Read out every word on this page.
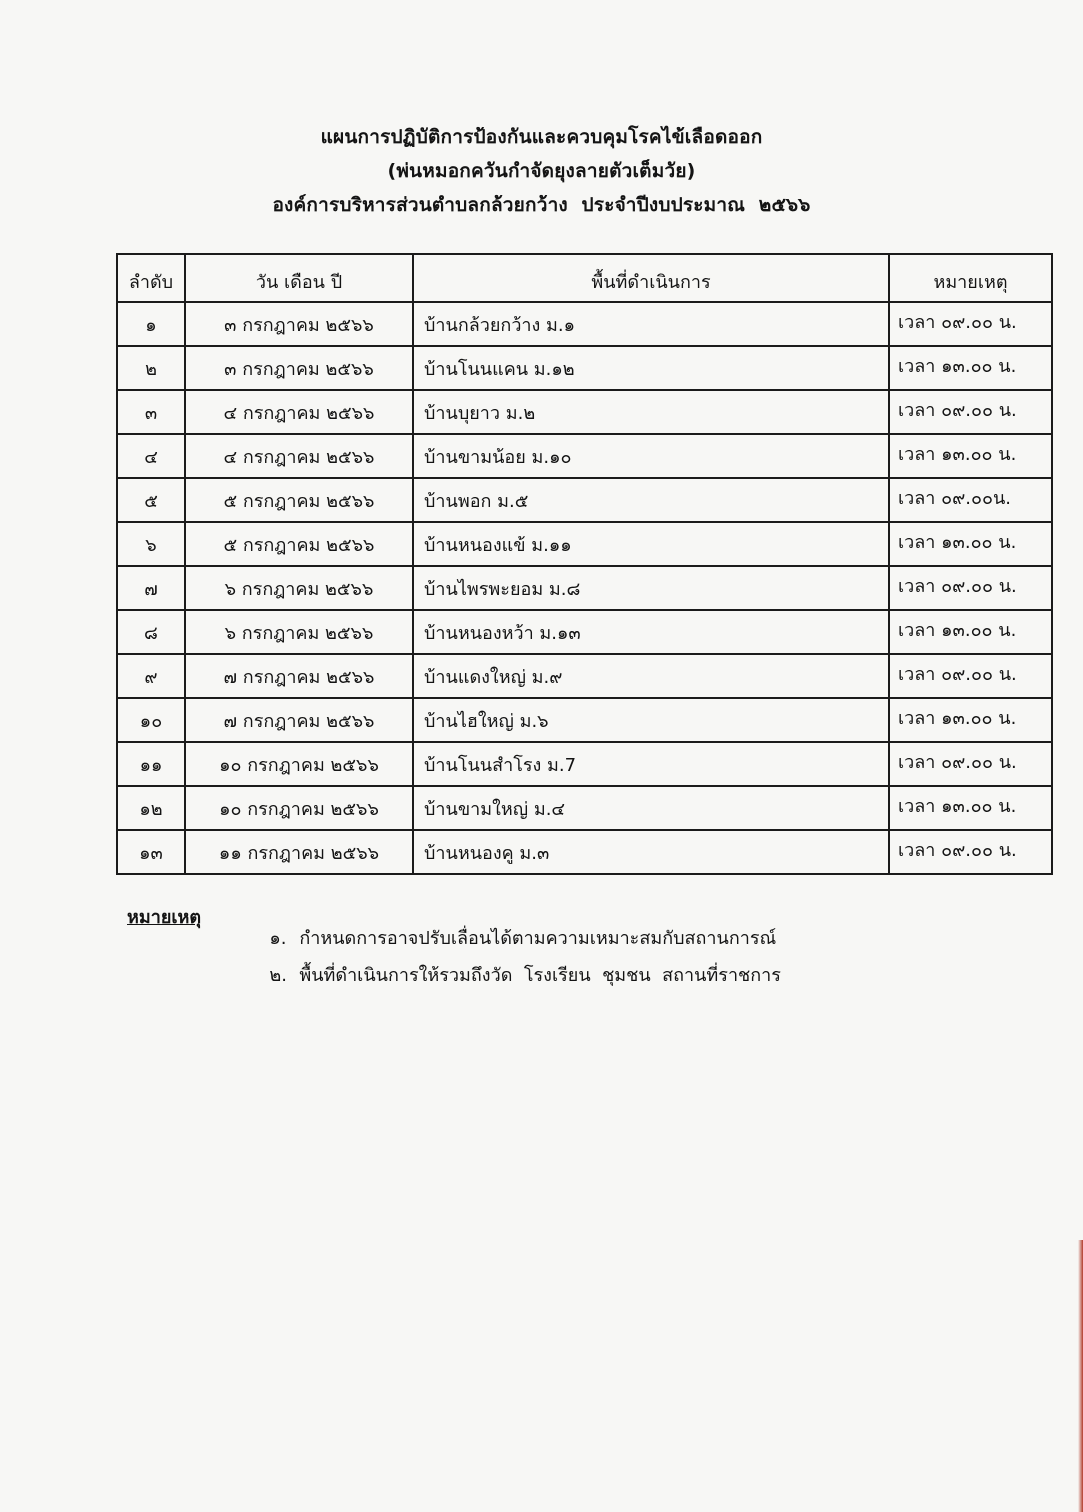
แผนการปฏิบัติการป้องกันและควบคุมโรคไข้เลือดออก
(พ่นหมอกควันกำจัดยุงลายตัวเต็มวัย)
องค์การบริหารส่วนตำบลกล้วยกว้าง  ประจำปีงบประมาณ  ๒๕๖๖
ลำดับ	วัน เดือน ปี	พื้นที่ดำเนินการ	หมายเหตุ
๑	๓ กรกฎาคม ๒๕๖๖	บ้านกล้วยกว้าง ม.๑	เวลา ๐๙.๐๐ น.
๒	๓ กรกฎาคม ๒๕๖๖	บ้านโนนแคน ม.๑๒	เวลา ๑๓.๐๐ น.
๓	๔ กรกฎาคม ๒๕๖๖	บ้านบุยาว ม.๒	เวลา ๐๙.๐๐ น.
๔	๔ กรกฎาคม ๒๕๖๖	บ้านขามน้อย ม.๑๐	เวลา ๑๓.๐๐ น.
๕	๕ กรกฎาคม ๒๕๖๖	บ้านพอก ม.๕	เวลา ๐๙.๐๐น.
๖	๕ กรกฎาคม ๒๕๖๖	บ้านหนองแข้ ม.๑๑	เวลา ๑๓.๐๐ น.
๗	๖ กรกฎาคม ๒๕๖๖	บ้านไพรพะยอม ม.๘	เวลา ๐๙.๐๐ น.
๘	๖ กรกฎาคม ๒๕๖๖	บ้านหนองหว้า ม.๑๓	เวลา ๑๓.๐๐ น.
๙	๗ กรกฎาคม ๒๕๖๖	บ้านแดงใหญ่ ม.๙	เวลา ๐๙.๐๐ น.
๑๐	๗ กรกฎาคม ๒๕๖๖	บ้านไฮใหญ่ ม.๖	เวลา ๑๓.๐๐ น.
๑๑	๑๐ กรกฎาคม ๒๕๖๖	บ้านโนนสำโรง ม.7	เวลา ๐๙.๐๐ น.
๑๒	๑๐ กรกฎาคม ๒๕๖๖	บ้านขามใหญ่ ม.๔	เวลา ๑๓.๐๐ น.
๑๓	๑๑ กรกฎาคม ๒๕๖๖	บ้านหนองคู ม.๓	เวลา ๐๙.๐๐ น.
หมายเหตุ

๑. กำหนดการอาจปรับเลื่อนได้ตามความเหมาะสมกับสถานการณ์

๒. พื้นที่ดำเนินการให้รวมถึงวัด  โรงเรียน  ชุมชน  สถานที่ราชการ
